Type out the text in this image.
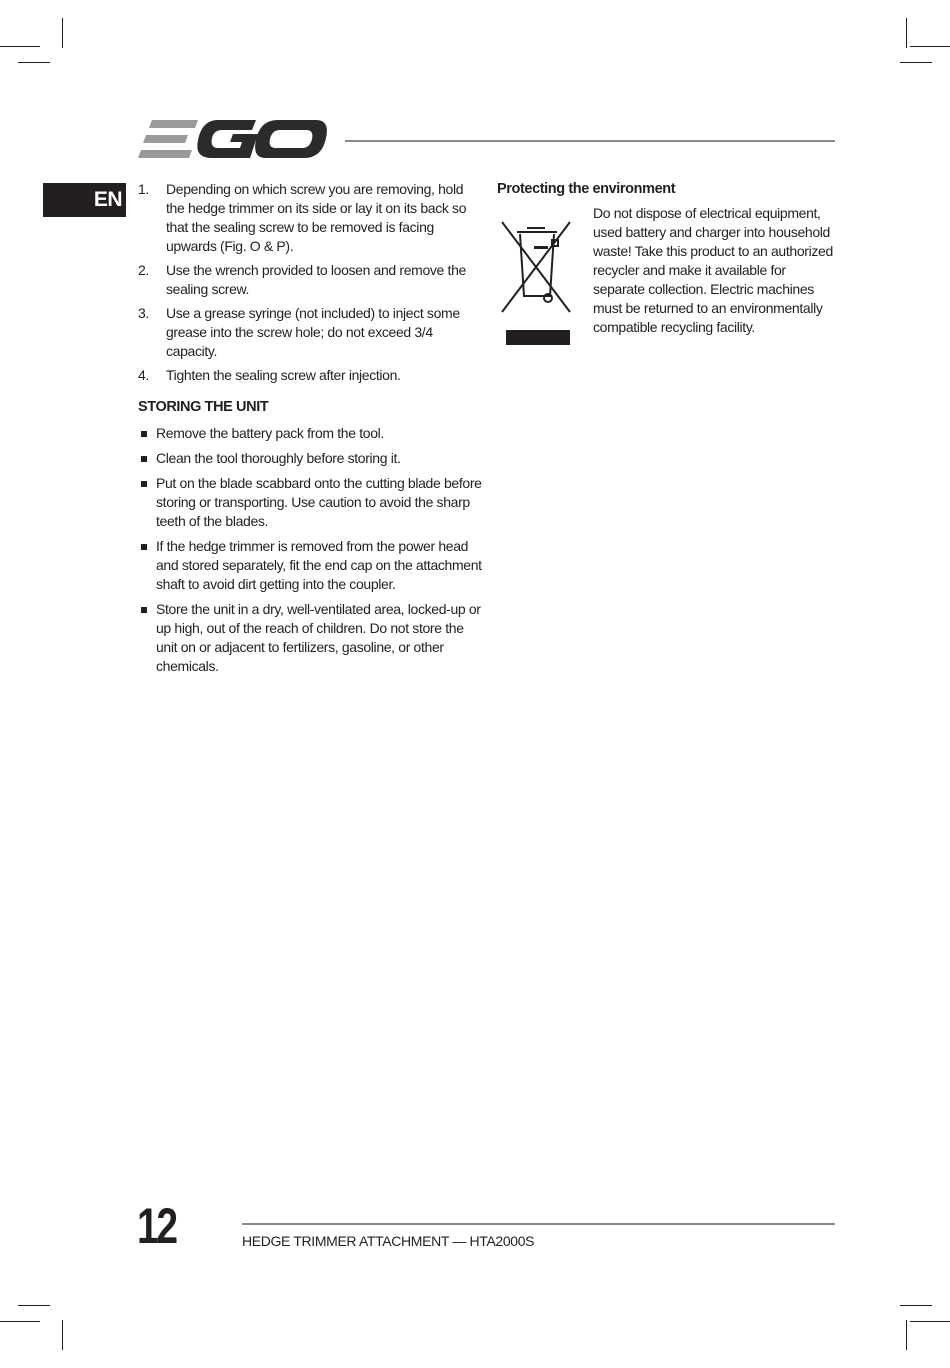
EN 1. Depending on which screw you are removing, hold the hedge trimmer on its side or lay it on its back so that the sealing screw to be removed is facing upwards (Fig. O & P).
2. Use the wrench provided to loosen and remove the sealing screw.
3. Use a grease syringe (not included) to inject some grease into the screw hole; do not exceed 3/4 capacity.
4. Tighten the sealing screw after injection.
STORING THE UNIT
Remove the battery pack from the tool.
Clean the tool thoroughly before storing it.
Put on the blade scabbard onto the cutting blade before storing or transporting. Use caution to avoid the sharp teeth of the blades.
If the hedge trimmer is removed from the power head and stored separately, fit the end cap on the attachment shaft to avoid dirt getting into the coupler.
Store the unit in a dry, well-ventilated area, locked-up or up high, out of the reach of children. Do not store the unit on or adjacent to fertilizers, gasoline, or other chemicals.
Protecting the environment
Do not dispose of electrical equipment, used battery and charger into household waste! Take this product to an authorized recycler and make it available for separate collection. Electric machines must be returned to an environmentally compatible recycling facility.
12	HEDGE TRIMMER ATTACHMENT — HTA2000S
